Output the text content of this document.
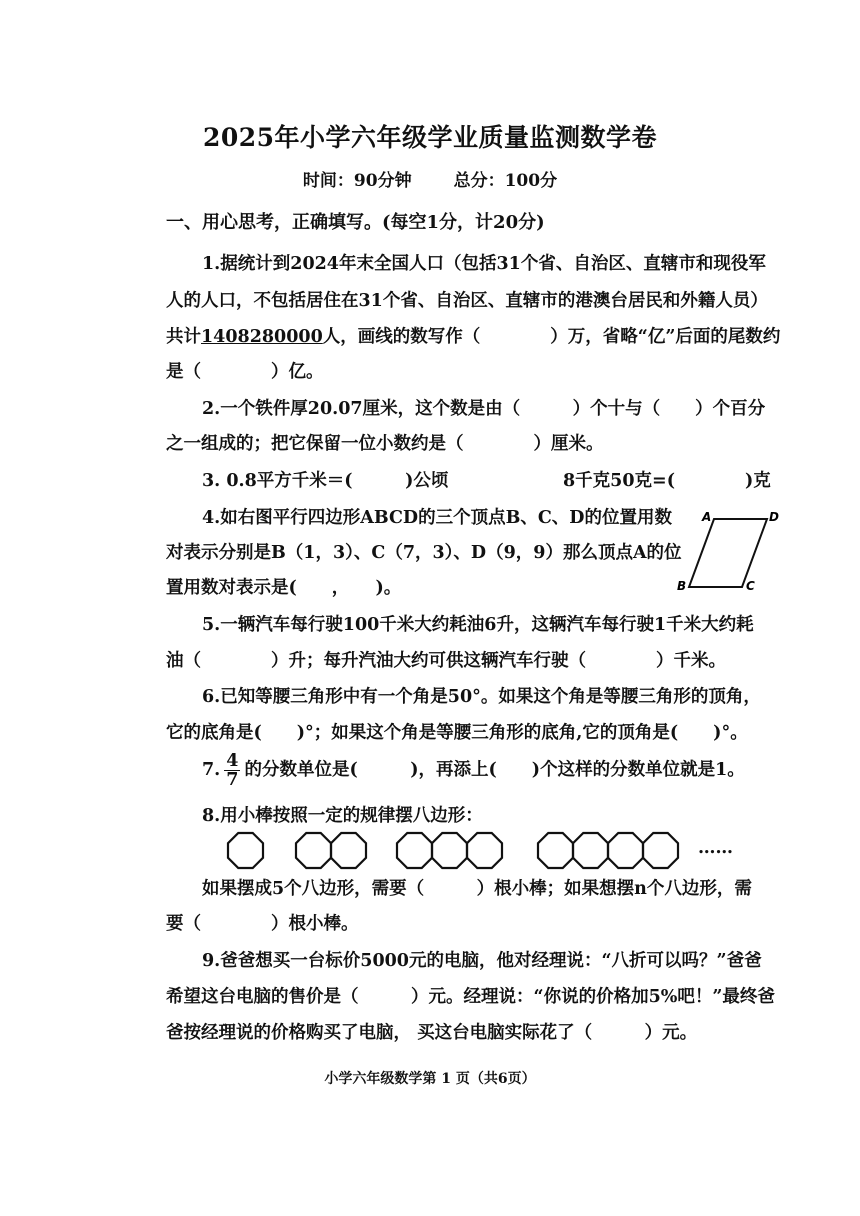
2025年小学六年级学业质量监测数学卷
时间：90分钟 总分：100分
一、用心思考，正确填写。(每空1分，计20分)
1.据统计到2024年末全国人口（包括31个省、自治区、直辖市和现役军
人的人口，不包括居住在31个省、自治区、直辖市的港澳台居民和外籍人员）
共计1408280000人，画线的数写作（　　　　）万，省略“亿”后面的尾数约
是（　　　　）亿。
2.一个铁件厚20.07厘米，这个数是由（　　　）个十与（　　）个百分
之一组成的；把它保留一位小数约是（　　　　）厘米。
3. 0.8平方千米＝(　　　)公顷	8千克50克=(　　　　)克
4.如右图平行四边形ABCD的三个顶点B、C、D的位置用数
对表示分别是B（1，3）、C（7，3）、D（9，9）那么顶点A的位
置用数对表示是(　　，　　)。
A	D
B	C
5.一辆汽车每行驶100千米大约耗油6升，这辆汽车每行驶1千米大约耗
油（　　　　）升；每升汽油大约可供这辆汽车行驶（　　　　）千米。
6.已知等腰三角形中有一个角是50°。如果这个角是等腰三角形的顶角，
它的底角是(　　)°；如果这个角是等腰三角形的底角,它的顶角是(　　)°。
7. $\frac{4}{7}$ 的分数单位是(　　　)，再添上(　　)个这样的分数单位就是1。
8.用小棒按照一定的规律摆八边形：
……
如果摆成5个八边形，需要（　　　）根小棒；如果想摆n个八边形，需
要（　　　　）根小棒。
9.爸爸想买一台标价5000元的电脑，他对经理说：“八折可以吗？”爸爸
希望这台电脑的售价是（　　　）元。经理说：“你说的价格加5%吧！”最终爸
爸按经理说的价格购买了电脑， 买这台电脑实际花了（　　　）元。
小学六年级数学第 1 页（共6页）
